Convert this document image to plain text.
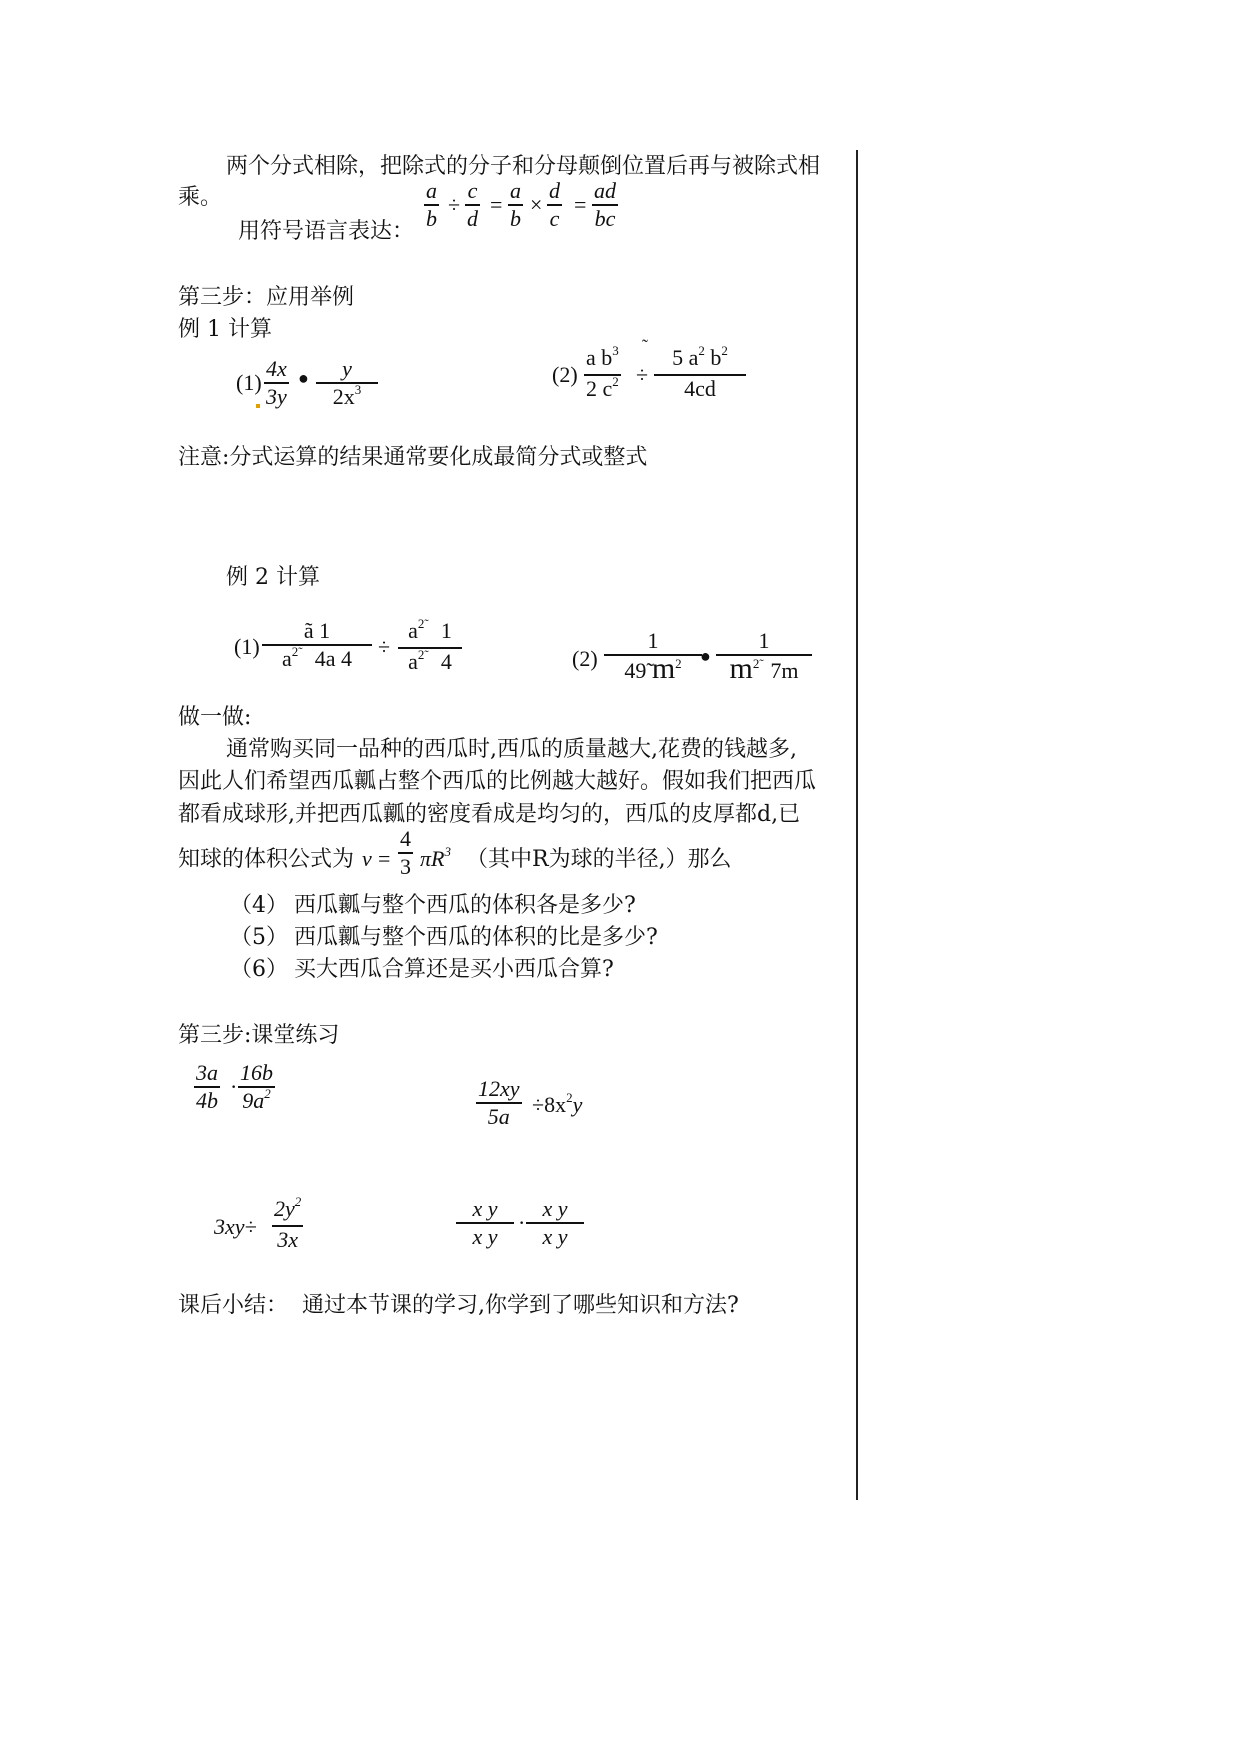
两个分式相除，把除式的分子和分母颠倒位置后再与被除式相
乘。
用符号语言表达：
a
b
÷
c
d
=
a
b
×
d
c
=
ad
bc
第三步：应用举例
例 1 计算
(1)
4x
3y
● y
$2x^3$
(2)
a $b^3$
2 $c^2$
˜
÷
5 $a^2$ $b^2$
4cd
注意:分式运算的结果通常要化成最简分式或整式
例 2 计算
(1)
ã 1
$a^{2̃}$ 4a 4 ÷
$a^{2̃}$ 1
$a^{2̃}$ 4	(2)
1
49̃ $m^2$ ●
1
$m^{2̃}$ 7m
做一做:
通常购买同一品种的西瓜时,西瓜的质量越大,花费的钱越多,
因此人们希望西瓜瓤占整个西瓜的比例越大越好。假如我们把西瓜
都看成球形,并把西瓜瓤的密度看成是均匀的，西瓜的皮厚都d,已
知球的体积公式为 v =
4
3 $\pi R^3$ （其中R为球的半径,）那么
（4） 西瓜瓤与整个西瓜的体积各是多少?
（5） 西瓜瓤与整个西瓜的体积的比是多少?
（6） 买大西瓜合算还是买小西瓜合算?
第三步:课堂练习
3a
4b
·
16b
$9a^2$	12xy
$5a \div 8x^2y$
3xy÷
$2y^2$
3x
x y
x y
·
x y
x y
课后小结： 通过本节课的学习,你学到了哪些知识和方法?
